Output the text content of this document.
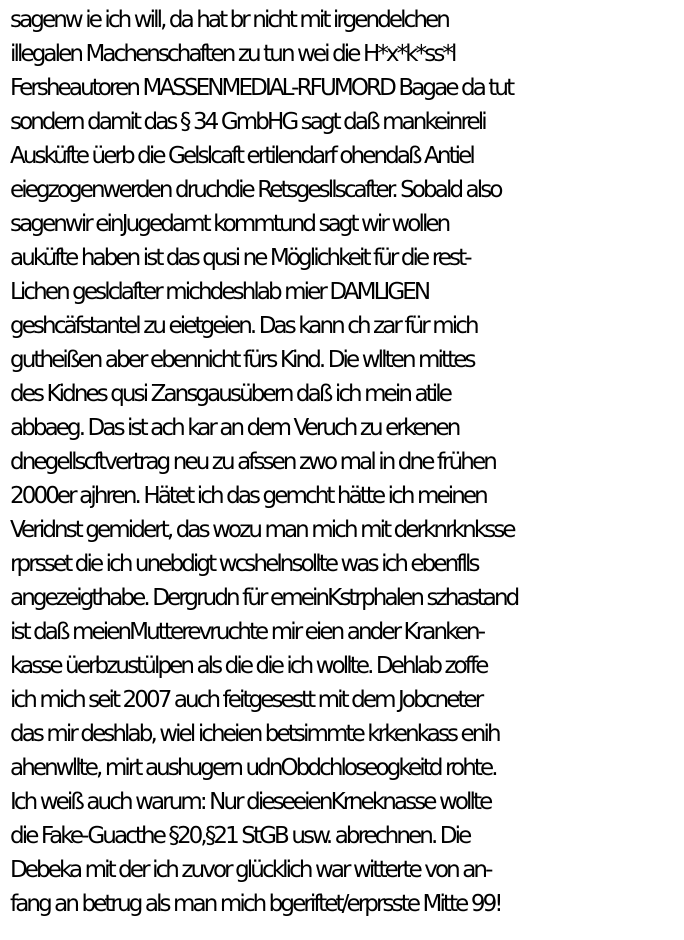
sagenw ie ich will, da hat br nicht mit irgendelchen
illegalen Machenschaften zu tun wei die H*x*k*ss*l
Fersheautoren MASSENMEDIAL-RFUMORD Bagae da tut
sondern damit das § 34 GmbHG sagt daß mankeinreli
Ausküfte üerb die Gelslcaft ertilendarf ohendaß Antiel
eiegzogenwerden druchdie Retsgesllscafter. Sobald also
sagenwir einJugedamt kommtund sagt wir wollen
auküfte haben ist das qusi ne Möglichkeit für die rest-
Lichen geslclafter michdeshlab mier DAMLIGEN
geshcäfstantel zu eietgeien. Das kann ch zar für mich
gutheißen aber ebennicht fürs Kind. Die wllten mittes
des Kidnes qusi Zansgausübern daß ich mein atile
abbaeg. Das ist ach kar an dem Veruch zu erkenen
dnegellscftvertrag neu zu afssen zwo mal in dne frühen
2000er ajhren. Hätet ich das gemcht hätte ich meinen
Veridnst gemidert, das wozu man mich mit derknrknksse
rprsset die ich unebdigt wcshelnsollte was ich ebenflls
angezeigthabe. Dergrudn für emeinKstrphalen szhastand
ist daß meienMutterevruchte mir eien ander Kranken-
kasse üerbzustülpen als die die ich wollte. Dehlab zoffe
ich mich seit 2007 auch feitgesestt mit dem Jobcneter
das mir deshlab, wiel icheien betsimmte krkenkass enih
ahenwllte, mirt aushugern udnObdchloseogkeitd rohte.
Ich weiß auch warum: Nur dieseeienKrneknasse wollte
die Fake-Guacthe §20,§21 StGB usw. abrechnen. Die
Debeka mit der ich zuvor glücklich war witterte von an-
fang an betrug als man mich bgeriftet/erprsste Mitte 99!
